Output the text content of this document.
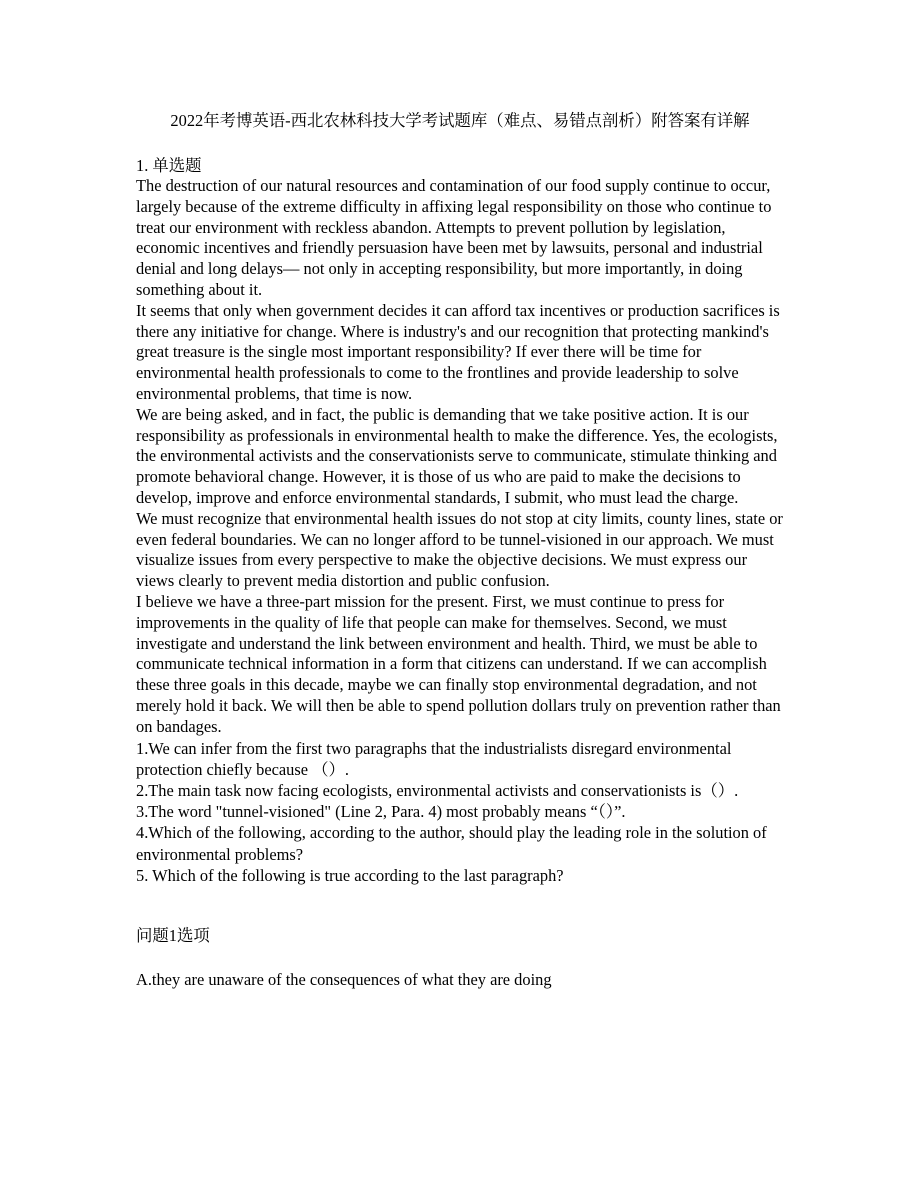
2022年考博英语-西北农林科技大学考试题库（难点、易错点剖析）附答案有详解

1. 单选题

The destruction of our natural resources and contamination of our food supply continue to occur, largely because of the extreme difficulty in affixing legal responsibility on those who continue to treat our environment with reckless abandon. Attempts to prevent pollution by legislation, economic incentives and friendly persuasion have been met by lawsuits, personal and industrial denial and long delays— not only in accepting responsibility, but more importantly, in doing something about it.

It seems that only when government decides it can afford tax incentives or production sacrifices is there any initiative for change. Where is industry's and our recognition that protecting mankind's great treasure is the single most important responsibility? If ever there will be time for environmental health professionals to come to the frontlines and provide leadership to solve environmental problems, that time is now.

We are being asked, and in fact, the public is demanding that we take positive action. It is our responsibility as professionals in environmental health to make the difference. Yes, the ecologists, the environmental activists and the conservationists serve to communicate, stimulate thinking and promote behavioral change. However, it is those of us who are paid to make the decisions to develop, improve and enforce environmental standards, I submit, who must lead the charge.

We must recognize that environmental health issues do not stop at city limits, county lines, state or even federal boundaries. We can no longer afford to be tunnel-visioned in our approach. We must visualize issues from every perspective to make the objective decisions. We must express our views clearly to prevent media distortion and public confusion.

I believe we have a three-part mission for the present. First, we must continue to press for improvements in the quality of life that people can make for themselves. Second, we must investigate and understand the link between environment and health. Third, we must be able to communicate technical information in a form that citizens can understand. If we can accomplish these three goals in this decade, maybe we can finally stop environmental degradation, and not merely hold it back. We will then be able to spend pollution dollars truly on prevention rather than on bandages.

1.We can infer from the first two paragraphs that the industrialists disregard environmental protection chiefly because （）.

2.The main task now facing ecologists, environmental activists and conservationists is（）.

3.The word "tunnel-visioned" (Line 2, Para. 4) most probably means “（）”.

4.Which of the following, according to the author, should play the leading role in the solution of environmental problems?

5. Which of the following is true according to the last paragraph?

问题1选项

A.they are unaware of the consequences of what they are doing
